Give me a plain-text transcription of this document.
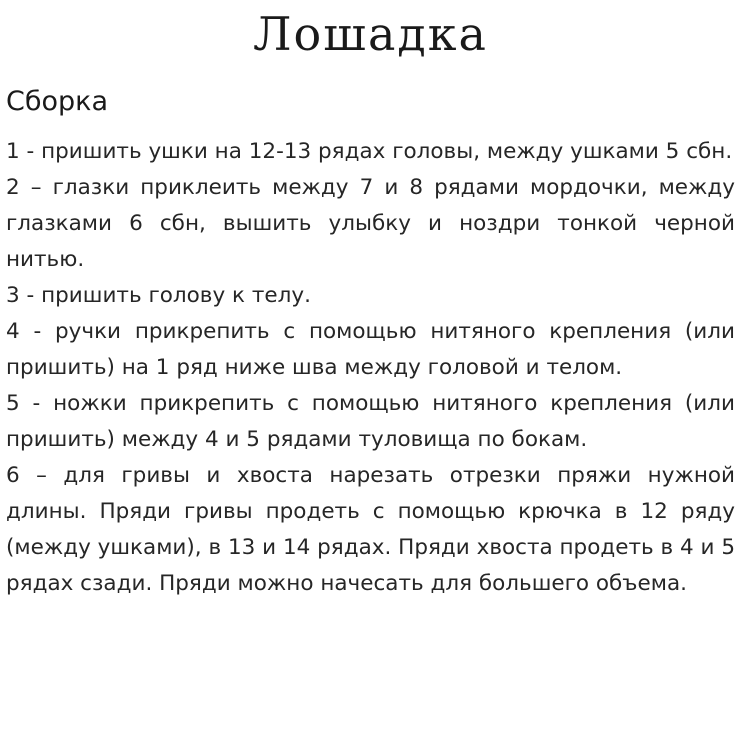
Лошадка
Сборка

1 - пришить ушки на 12-13 рядах головы, между ушками 5 сбн.

2 – глазки приклеить между 7 и 8 рядами мордочки, между глазками 6 сбн, вышить улыбку и ноздри тонкой черной нитью.

3 - пришить голову к телу.

4 - ручки прикрепить с помощью нитяного крепления (или пришить) на 1 ряд ниже шва между головой и телом.

5 - ножки прикрепить с помощью нитяного крепления (или пришить) между 4 и 5 рядами туловища по бокам.

6 – для гривы и хвоста нарезать отрезки пряжи нужной длины. Пряди гривы продеть с помощью крючка в 12 ряду (между ушками), в 13 и 14 рядах. Пряди хвоста продеть в 4 и 5 рядах сзади. Пряди можно начесать для большего объема.
